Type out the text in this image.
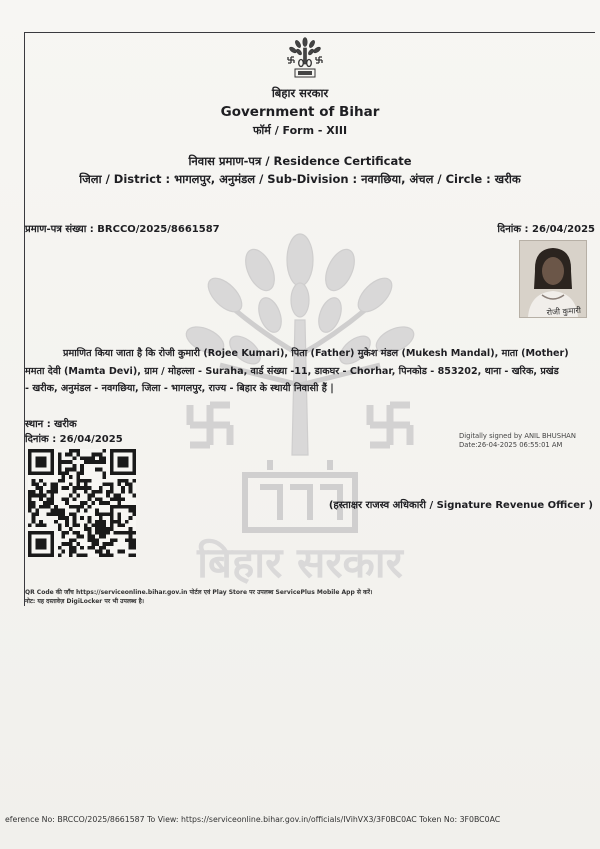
बिहार सरकार
बिहार सरकार
Government of Bihar
फॉर्म / Form - XIII
निवास प्रमाण-पत्र / Residence Certificate
जिला / District : भागलपुर, अनुमंडल / Sub-Division : नवगछिया, अंचल / Circle : खरीक
प्रमाण-पत्र संख्या : BRCCO/2025/8661587	दिनांक : 26/04/2025
रोजी कुमारी
प्रमाणित किया जाता है कि रोजी कुमारी (Rojee Kumari), पिता (Father) मुकेश मंडल (Mukesh Mandal), माता (Mother)
ममता देवी (Mamta Devi), ग्राम / मोहल्ला - Suraha, वार्ड संख्या -11, डाकघर - Chorhar, पिनकोड - 853202, थाना - खरिक, प्रखंड
- खरीक, अनुमंडल - नवगछिया, जिला - भागलपुर, राज्य - बिहार के स्थायी निवासी हैं |
स्थान : खरीक
दिनांक : 26/04/2025	Digitally signed by ANIL BHUSHAN
Date:26-04-2025 06:55:01 AM
(हस्ताक्षर राजस्व अधिकारी / Signature Revenue Officer )
QR Code की जाँच https://serviceonline.bihar.gov.in पोर्टल एवं Play Store पर उपलब्ध ServicePlus Mobile App से करें।
नोट: यह दस्तावेज़ DigiLocker पर भी उपलब्ध है।
eference No: BRCCO/2025/8661587 To View: https://serviceonline.bihar.gov.in/officials/IVihVX3/3F0BC0AC Token No: 3F0BC0AC
